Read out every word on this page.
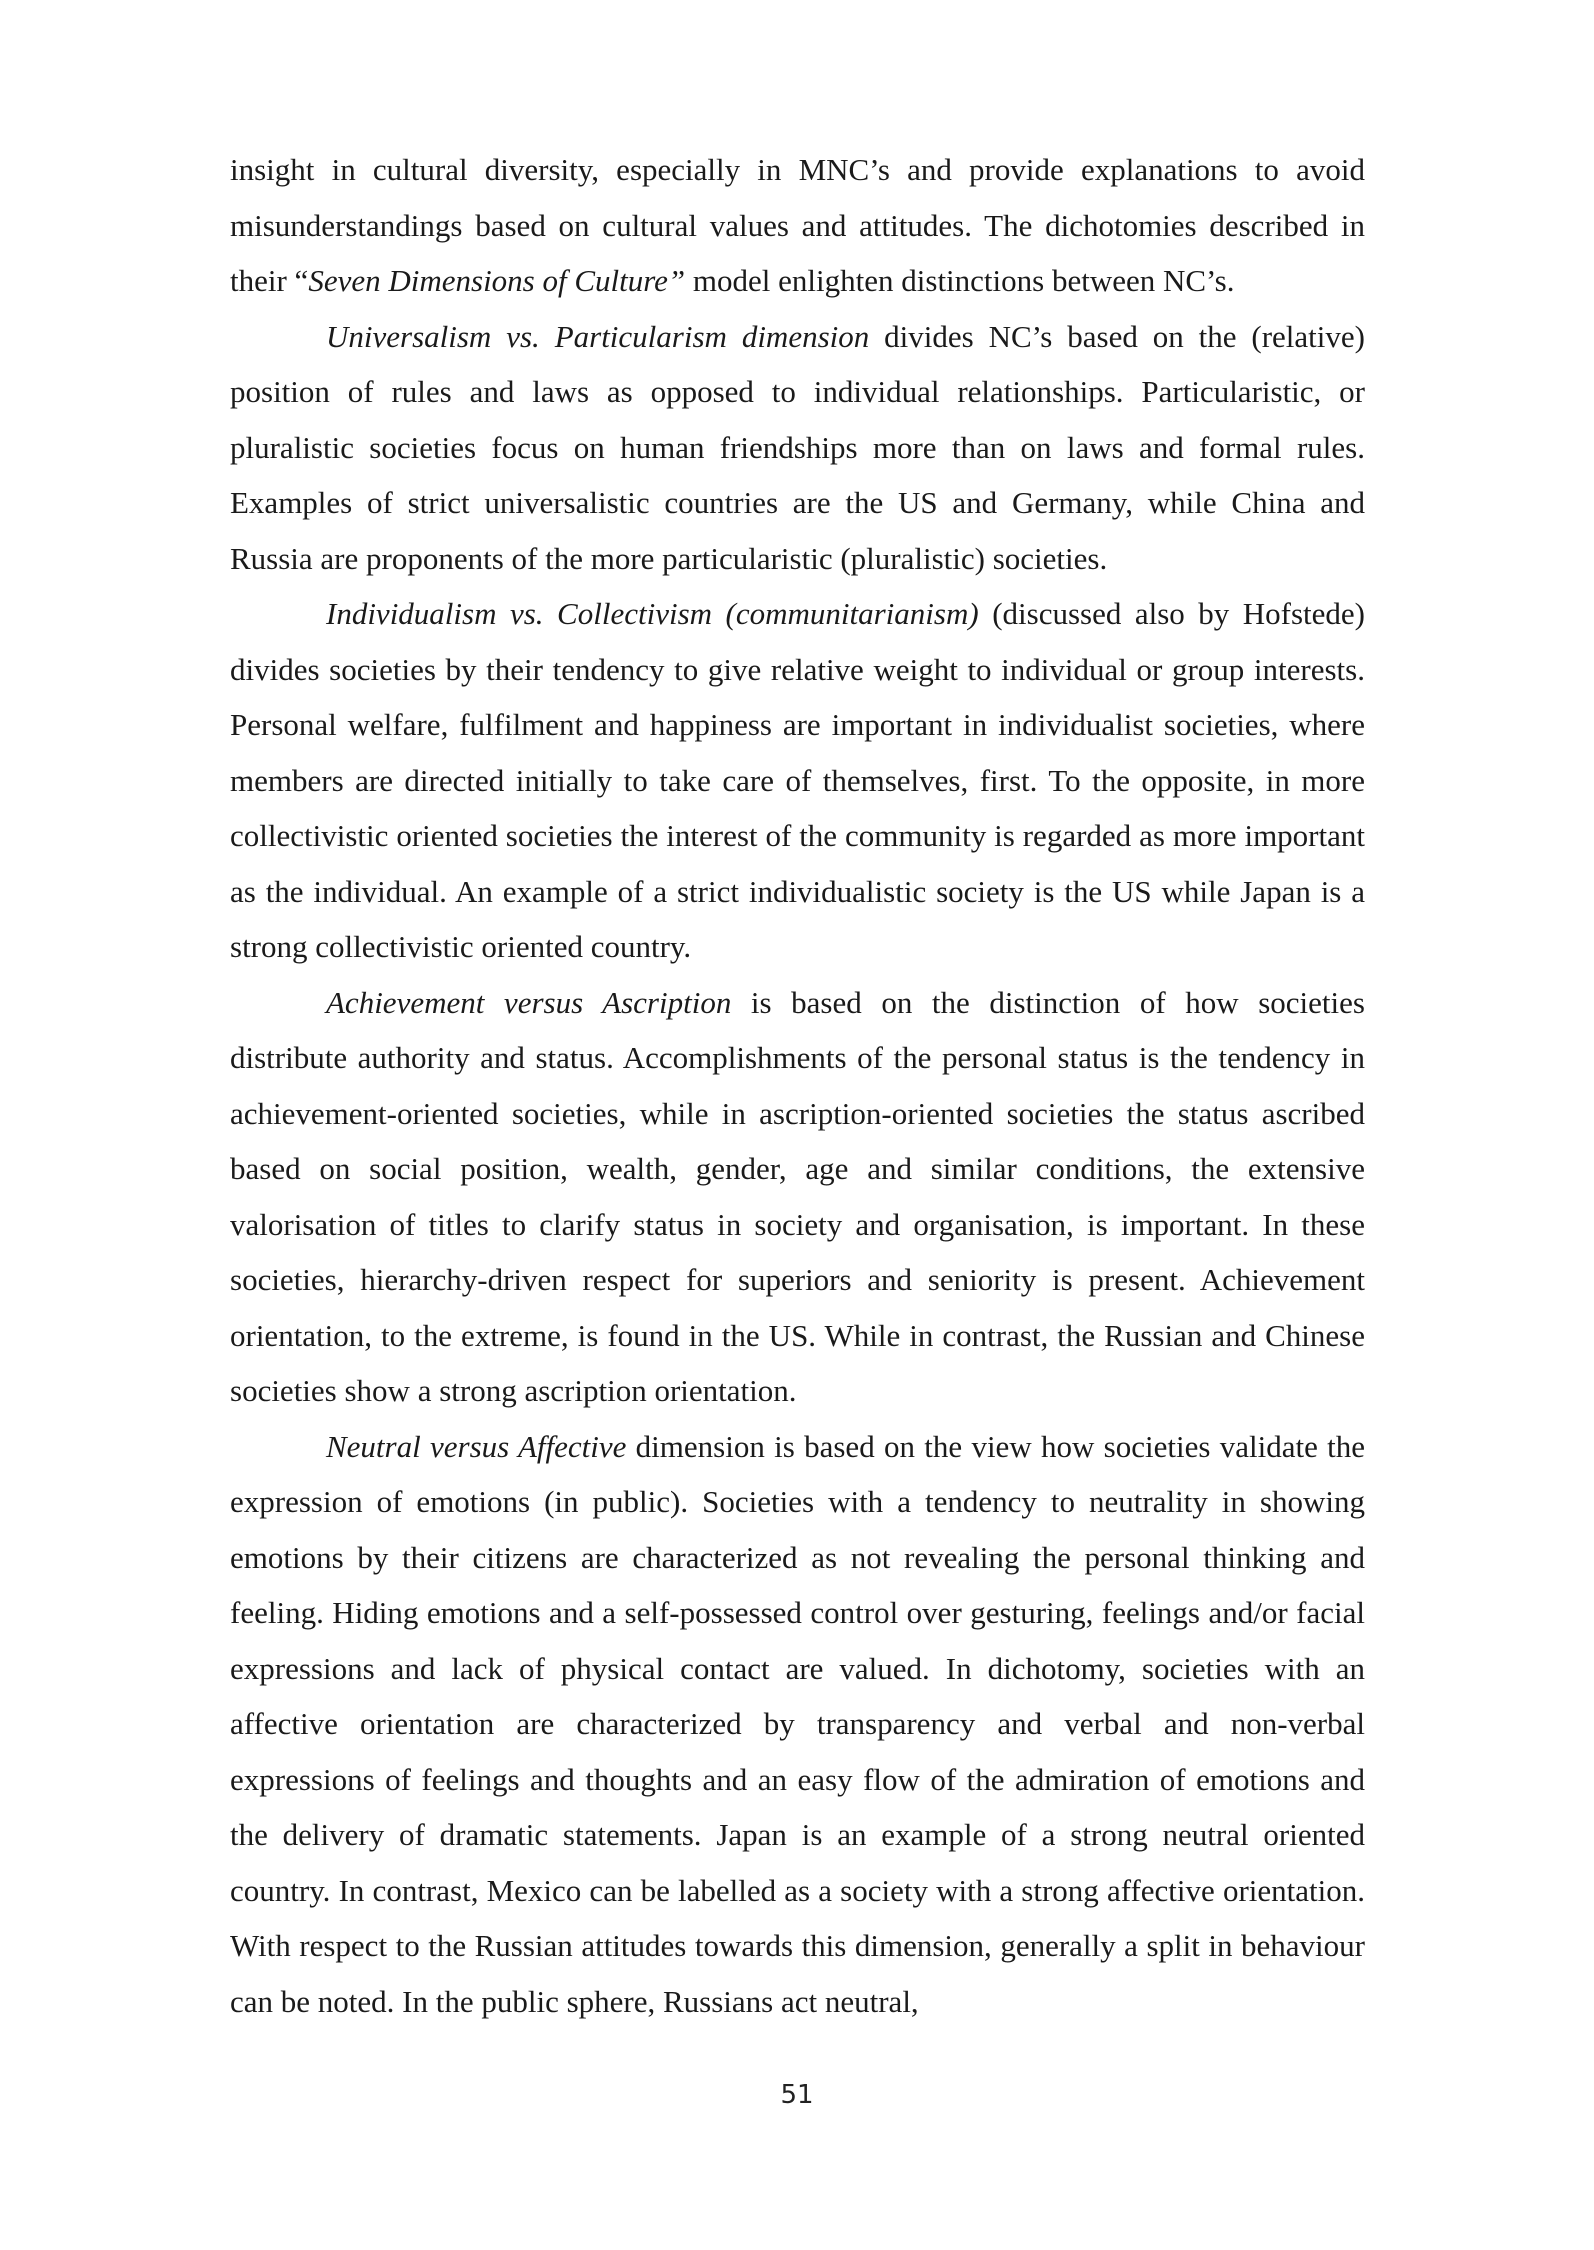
insight in cultural diversity, especially in MNC’s and provide explanations to avoid misunderstandings based on cultural values and attitudes. The dichotomies described in their “Seven Dimensions of Culture” model enlighten distinctions between NC’s.

Universalism vs. Particularism dimension divides NC’s based on the (relative) position of rules and laws as opposed to individual relationships. Particularistic, or pluralistic societies focus on human friendships more than on laws and formal rules. Examples of strict universalistic countries are the US and Germany, while China and Russia are proponents of the more particularistic (pluralistic) societies.

Individualism vs. Collectivism (communitarianism) (discussed also by Hofstede) divides societies by their tendency to give relative weight to individual or group interests. Personal welfare, fulfilment and happiness are important in individualist societies, where members are directed initially to take care of themselves, first. To the opposite, in more collectivistic oriented societies the interest of the community is regarded as more important as the individual. An example of a strict individualistic society is the US while Japan is a strong collectivistic oriented country.

Achievement versus Ascription is based on the distinction of how societies distribute authority and status. Accomplishments of the personal status is the tendency in achievement-oriented societies, while in ascription-oriented societies the status ascribed based on social position, wealth, gender, age and similar conditions, the extensive valorisation of titles to clarify status in society and organisation, is important. In these societies, hierarchy-driven respect for superiors and seniority is present. Achievement orientation, to the extreme, is found in the US. While in contrast, the Russian and Chinese societies show a strong ascription orientation.

Neutral versus Affective dimension is based on the view how societies validate the expression of emotions (in public). Societies with a tendency to neutrality in showing emotions by their citizens are characterized as not revealing the personal thinking and feeling. Hiding emotions and a self-possessed control over gesturing, feelings and/or facial expressions and lack of physical contact are valued. In dichotomy, societies with an affective orientation are characterized by transparency and verbal and non-verbal expressions of feelings and thoughts and an easy flow of the admiration of emotions and the delivery of dramatic statements. Japan is an example of a strong neutral oriented country. In contrast, Mexico can be labelled as a society with a strong affective orientation. With respect to the Russian attitudes towards this dimension, generally a split in behaviour can be noted. In the public sphere, Russians act neutral,

51
